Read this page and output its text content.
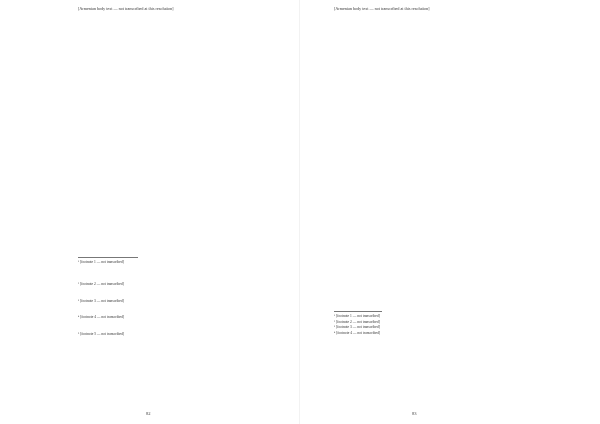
[Armenian body text — not transcribed at this resolution]
¹ [footnote 1 — not transcribed]
² [footnote 2 — not transcribed]
³ [footnote 3 — not transcribed]
⁴ [footnote 4 — not transcribed]
⁵ [footnote 5 — not transcribed]
82
[Armenian body text — not transcribed at this resolution]
¹ [footnote 1 — not transcribed]
² [footnote 2 — not transcribed]
³ [footnote 3 — not transcribed]
⁴ [footnote 4 — not transcribed]
83
